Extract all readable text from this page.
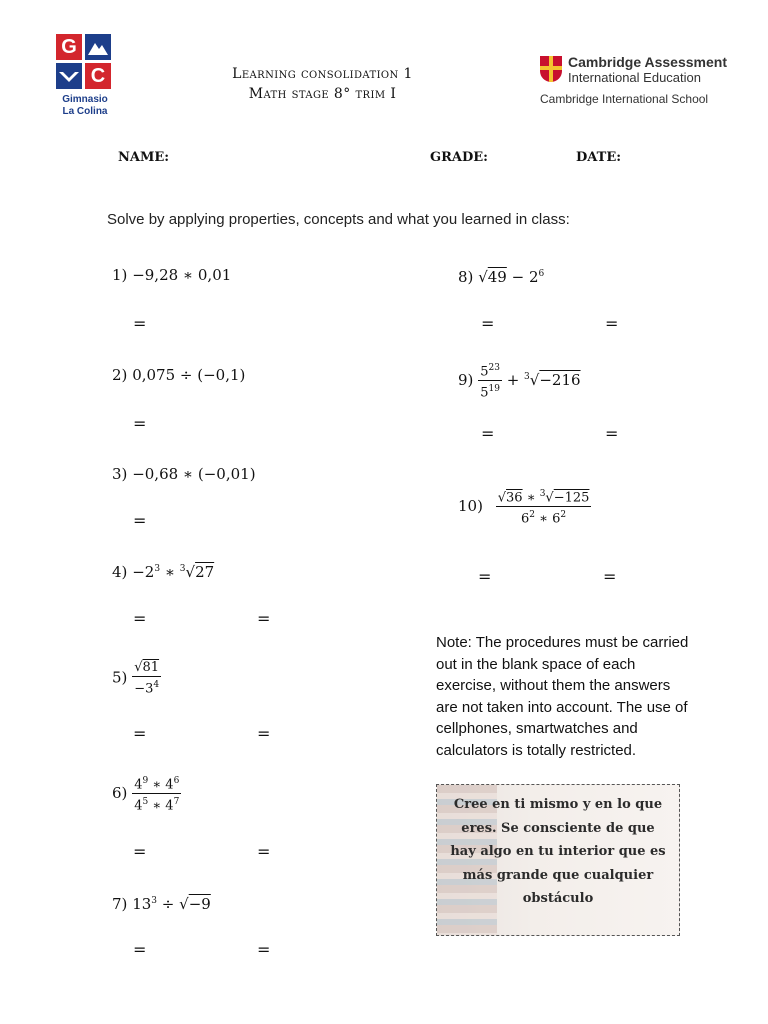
G
C
Gimnasio
La Colina
Learning consolidation 1
Math stage 8° trim I
Cambridge Assessment
International Education
Cambridge International School
NAME:	GRADE:	DATE:
Solve by applying properties, concepts and what you learned in class:
1) −9,28 ∗ 0,01
=
2) 0,075 ÷ (−0,1)
=
3) −0,68 ∗ (−0,01)
=
$4) -2^3$ ∗ $^3$√27
=	=
$5) \frac{√81}{-3^4}$
=	=
$6) \frac{4^9 ∗ 4^6}{4^5 ∗ 4^7}$
=	=
7) $13^3 \div √-9$
=	=
8) $√49 - 2^6$
=	=
$9) \frac{5^{23}}{5^{19}} + ^3√-216$
=	=
$10) \frac{√36 ∗ ^3√-125}{6^2 ∗ 6^2}$
=	=
Note: The procedures must be carried out in the blank space of each exercise, without them the answers are not taken into account. The use of cellphones, smartwatches and calculators is totally restricted.
Cree en ti mismo y en lo que eres. Se consciente de que hay algo en tu interior que es más grande que cualquier obstáculo
